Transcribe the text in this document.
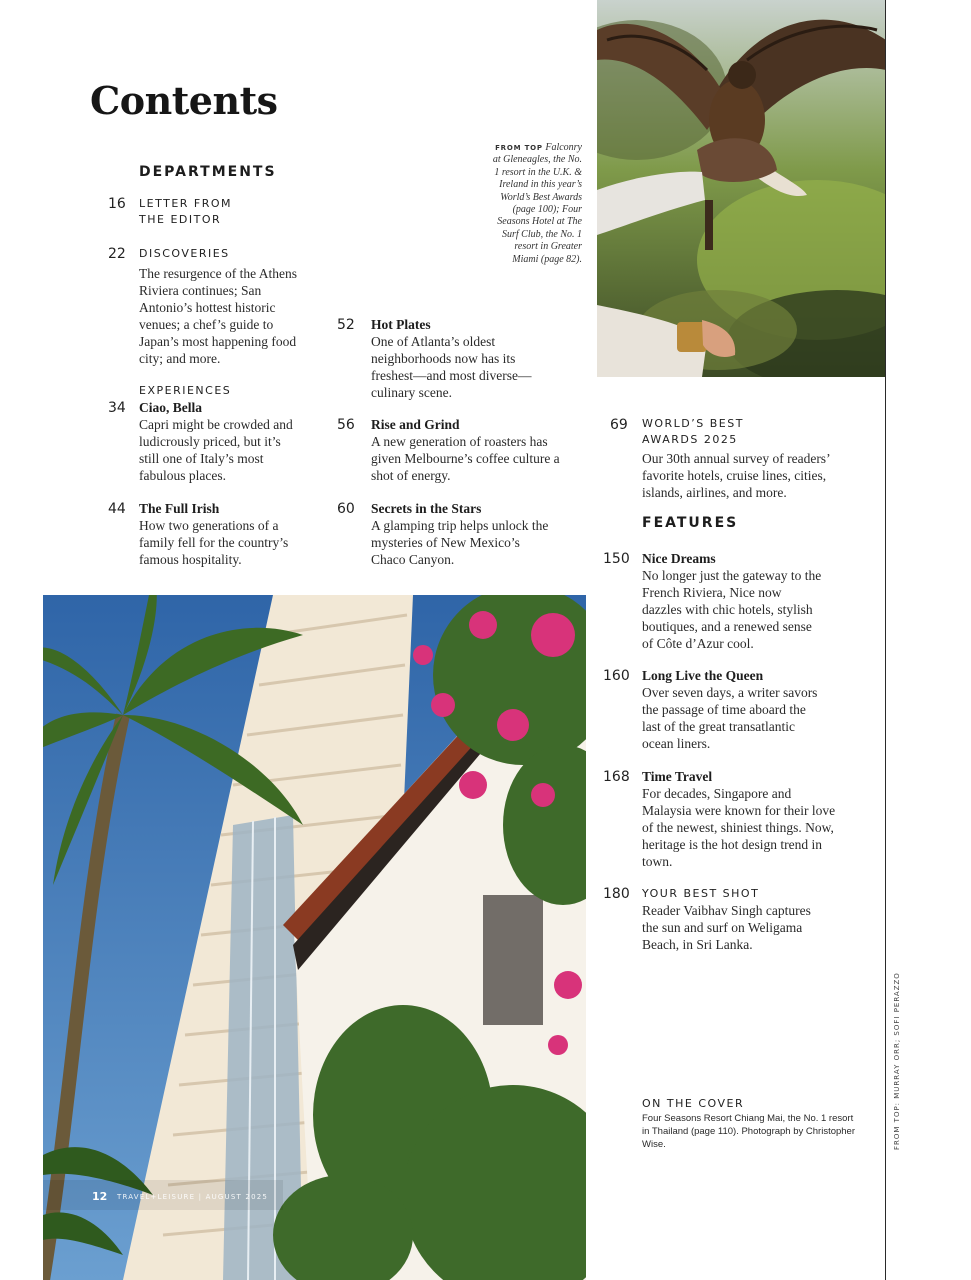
Contents
DEPARTMENTS
16	LETTER FROM THE EDITOR
22	DISCOVERIES
The resurgence of the Athens Riviera continues; San Antonio’s hottest historic venues; a chef’s guide to Japan’s most happening food city; and more.
EXPERIENCES
34 Ciao, Bella
Capri might be crowded and ludicrously priced, but it’s still one of Italy’s most fabulous places.
44 The Full Irish
How two generations of a family fell for the country’s famous hospitality.
52	Hot Plates
One of Atlanta’s oldest neighborhoods now has its freshest—and most diverse—culinary scene.
56	Rise and Grind
A new generation of roasters has given Melbourne’s coffee culture a shot of energy.
60	Secrets in the Stars
A glamping trip helps unlock the mysteries of New Mexico’s Chaco Canyon.
FROM TOP Falconry at Gleneagles, the No. 1 resort in the U.K. & Ireland in this year’s World’s Best Awards (page 100); Four Seasons Hotel at The Surf Club, the No. 1 resort in Greater Miami (page 82).
69	WORLD’S BEST AWARDS 2025
Our 30th annual survey of readers’ favorite hotels, cruise lines, cities, islands, airlines, and more.
FEATURES
150 Nice Dreams
No longer just the gateway to the French Riviera, Nice now dazzles with chic hotels, stylish boutiques, and a renewed sense of Côte d’Azur cool.
160 Long Live the Queen
Over seven days, a writer savors the passage of time aboard the last of the great transatlantic ocean liners.
168 Time Travel
For decades, Singapore and Malaysia were known for their love of the newest, shiniest things. Now, heritage is the hot design trend in town.
180	YOUR BEST SHOT
Reader Vaibhav Singh captures the sun and surf on Weligama Beach, in Sri Lanka.
ON THE COVER
Four Seasons Resort Chiang Mai, the No. 1 resort in Thailand (page 110). Photograph by Christopher Wise.	FROM TOP: MURRAY ORR; SOFI PERAZZO
12 TRAVEL+LEISURE | AUGUST 2025
